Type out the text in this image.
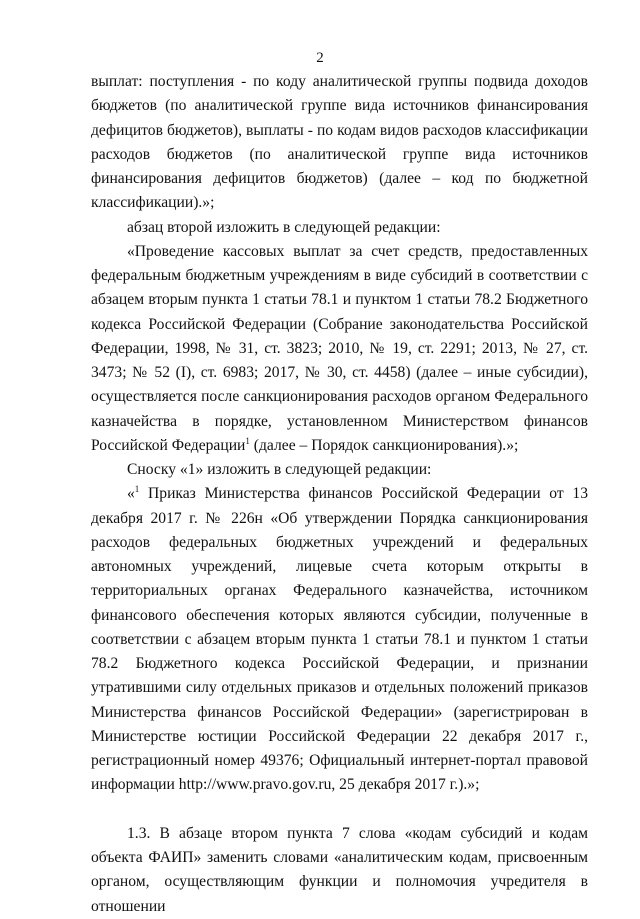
2

выплат: поступления - по коду аналитической группы подвида доходов бюджетов (по аналитической группе вида источников финансирования дефицитов бюджетов), выплаты - по кодам видов расходов классификации расходов бюджетов (по аналитической группе вида источников финансирования дефицитов бюджетов) (далее – код по бюджетной классификации).»;

абзац второй изложить в следующей редакции:

«Проведение кассовых выплат за счет средств, предоставленных федеральным бюджетным учреждениям в виде субсидий в соответствии с абзацем вторым пункта 1 статьи 78.1 и пунктом 1 статьи 78.2 Бюджетного кодекса Российской Федерации (Собрание законодательства Российской Федерации, 1998, № 31, ст. 3823; 2010, № 19, ст. 2291; 2013, № 27, ст. 3473; № 52 (I), ст. 6983; 2017, № 30, ст. 4458) (далее – иные субсидии), осуществляется после санкционирования расходов органом Федерального казначейства в порядке, установленном Министерством финансов Российской Федерации$^1$ (далее – Порядок санкционирования).»;

Сноску «1» изложить в следующей редакции:

«$^1$ Приказ Министерства финансов Российской Федерации от 13 декабря 2017 г. № 226н «Об утверждении Порядка санкционирования расходов федеральных бюджетных учреждений и федеральных автономных учреждений, лицевые счета которым открыты в территориальных органах Федерального казначейства, источником финансового обеспечения которых являются субсидии, полученные в соответствии с абзацем вторым пункта 1 статьи 78.1 и пунктом 1 статьи 78.2 Бюджетного кодекса Российской Федерации, и признании утратившими силу отдельных приказов и отдельных положений приказов Министерства финансов Российской Федерации» (зарегистрирован в Министерстве юстиции Российской Федерации 22 декабря 2017 г., регистрационный номер 49376; Официальный интернет-портал правовой информации http://www.pravo.gov.ru, 25 декабря 2017 г.).»;

1.3. В абзаце втором пункта 7 слова «кодам субсидий и кодам объекта ФАИП» заменить словами «аналитическим кодам, присвоенным органом, осуществляющим функции и полномочия учредителя в отношении
